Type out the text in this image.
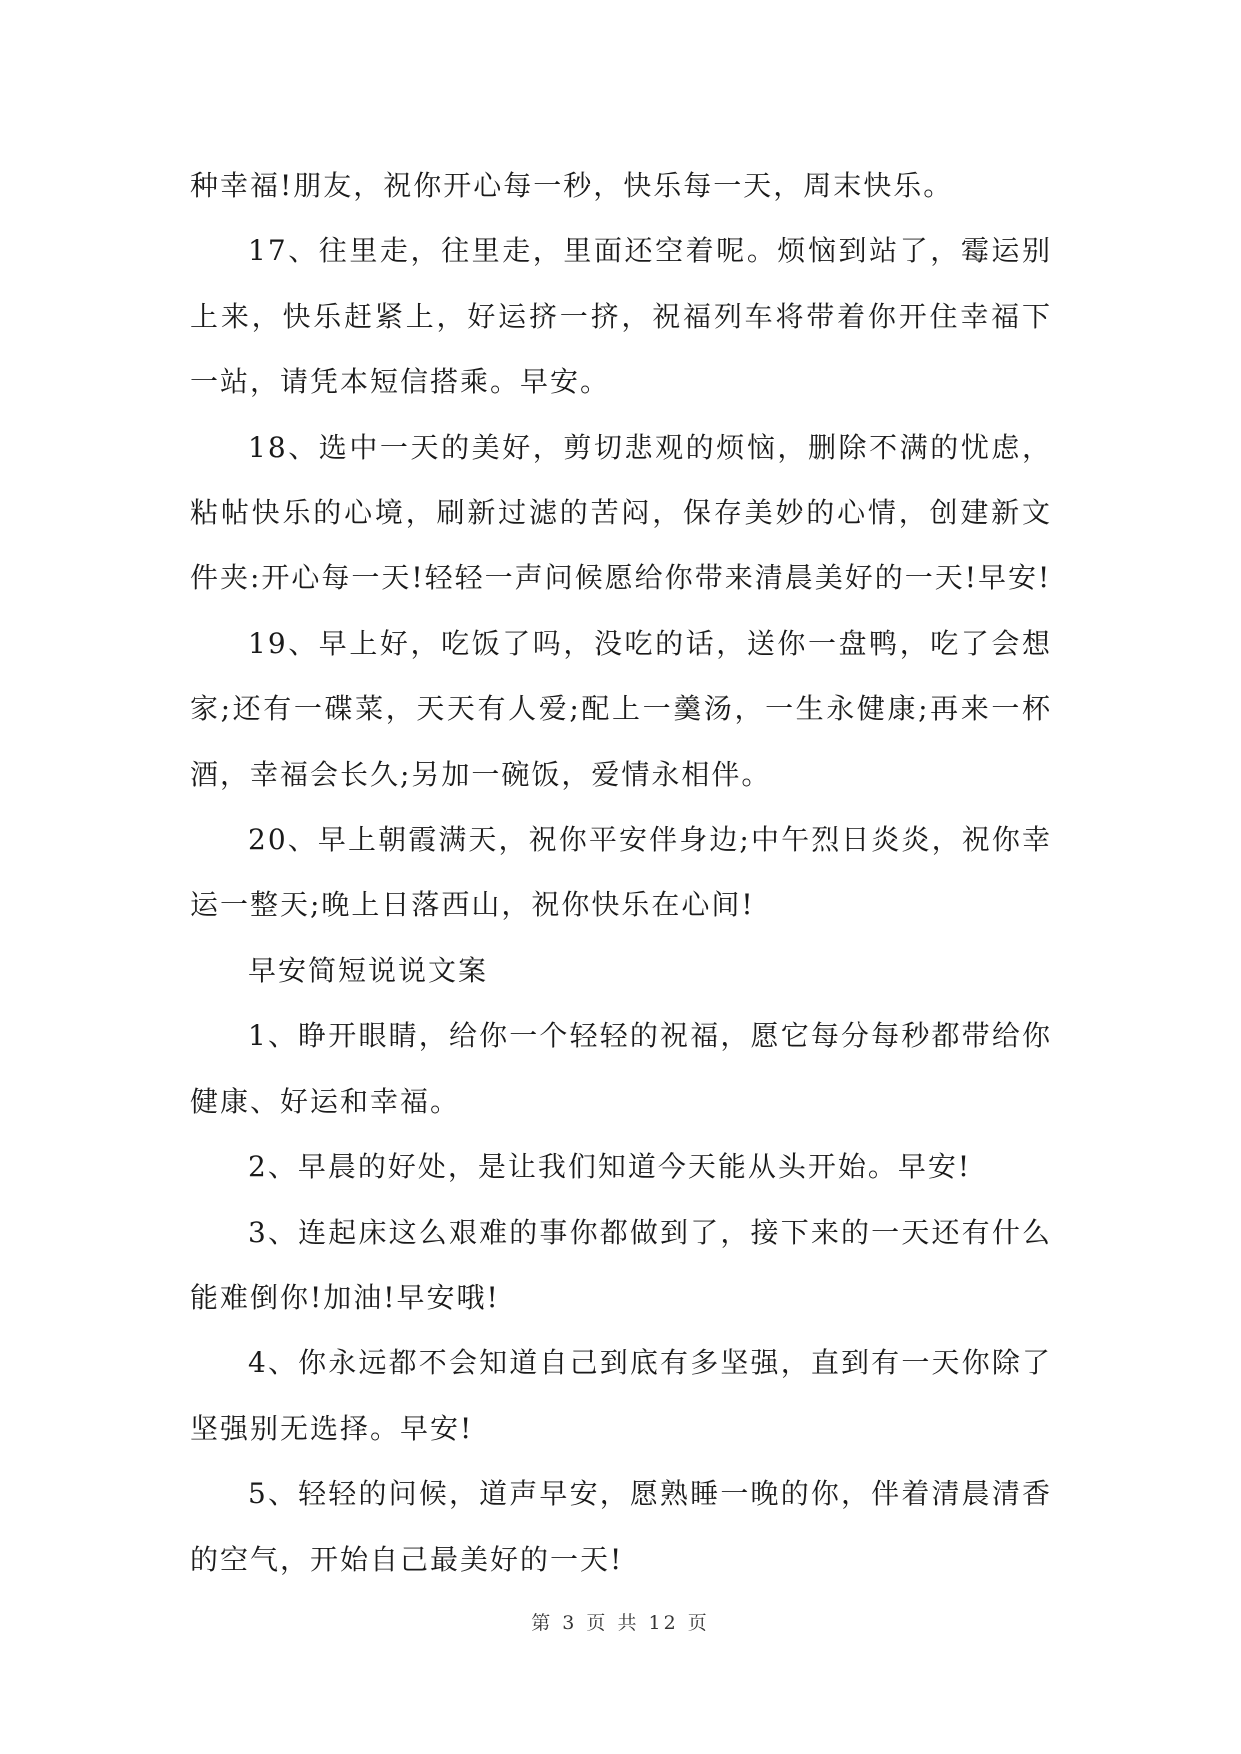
种幸福!朋友，祝你开心每一秒，快乐每一天，周末快乐。

17、往里走，往里走，里面还空着呢。烦恼到站了，霉运别上来，快乐赶紧上，好运挤一挤，祝福列车将带着你开住幸福下一站，请凭本短信搭乘。早安。

18、选中一天的美好，剪切悲观的烦恼，删除不满的忧虑，粘帖快乐的心境，刷新过滤的苦闷，保存美妙的心情，创建新文件夹:开心每一天!轻轻一声问候愿给你带来清晨美好的一天!早安!

19、早上好，吃饭了吗，没吃的话，送你一盘鸭，吃了会想家;还有一碟菜，天天有人爱;配上一羹汤，一生永健康;再来一杯酒，幸福会长久;另加一碗饭，爱情永相伴。

20、早上朝霞满天，祝你平安伴身边;中午烈日炎炎，祝你幸运一整天;晚上日落西山，祝你快乐在心间!

早安简短说说文案

1、睁开眼睛，给你一个轻轻的祝福，愿它每分每秒都带给你健康、好运和幸福。

2、早晨的好处，是让我们知道今天能从头开始。早安!

3、连起床这么艰难的事你都做到了，接下来的一天还有什么能难倒你!加油!早安哦!

4、你永远都不会知道自己到底有多坚强，直到有一天你除了坚强别无选择。早安!

5、轻轻的问候，道声早安，愿熟睡一晚的你，伴着清晨清香的空气，开始自己最美好的一天!

第 3 页 共 12 页
